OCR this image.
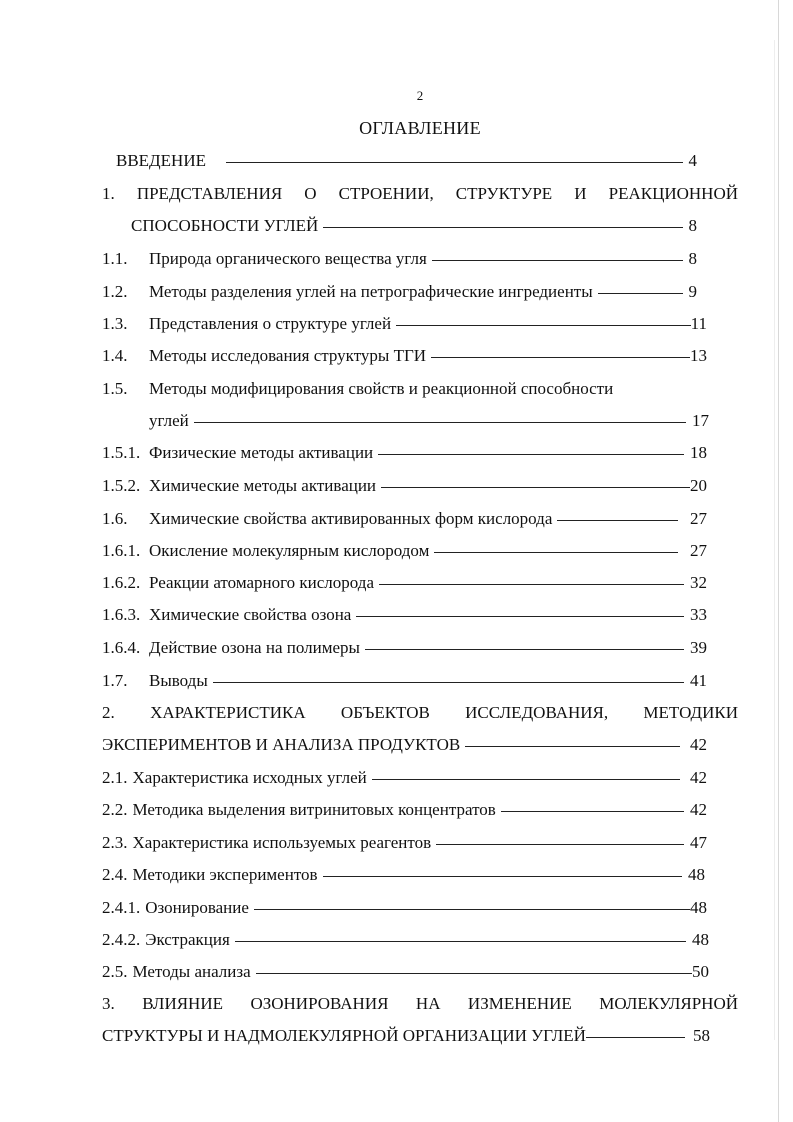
2
ОГЛАВЛЕНИЕ
ВВЕДЕНИЕ	4
1. ПРЕДСТАВЛЕНИЯ О СТРОЕНИИ, СТРУКТУРЕ И РЕАКЦИОННОЙ
СПОСОБНОСТИ УГЛЕЙ	8
1.1.	Природа органического вещества угля	8
1.2.	Методы разделения углей на петрографические ингредиенты	9
1.3.	Представления о структуре углей	11
1.4.	Методы исследования структуры ТГИ	13
1.5. Методы модифицирования свойств и реакционной способности
углей	17
1.5.1. Физические методы активации	18
1.5.2. Химические методы активации	20
1.6.	Химические свойства активированных форм кислорода	27
1.6.1. Окисление молекулярным кислородом	27
1.6.2. Реакции атомарного кислорода	32
1.6.3. Химические свойства озона	33
1.6.4. Действие озона на полимеры	39
1.7.	Выводы	41
2. ХАРАКТЕРИСТИКА ОБЪЕКТОВ ИССЛЕДОВАНИЯ, МЕТОДИКИ
ЭКСПЕРИМЕНТОВ И АНАЛИЗА ПРОДУКТОВ	42
2.1. Характеристика исходных углей	42
2.2. Методика выделения витринитовых концентратов	42
2.3. Характеристика используемых реагентов	47
2.4. Методики экспериментов	48
2.4.1. Озонирование	48
2.4.2. Экстракция	48
2.5. Методы анализа	50
3. ВЛИЯНИЕ ОЗОНИРОВАНИЯ НА ИЗМЕНЕНИЕ МОЛЕКУЛЯРНОЙ
СТРУКТУРЫ И НАДМОЛЕКУЛЯРНОЙ ОРГАНИЗАЦИИ УГЛЕЙ	58
